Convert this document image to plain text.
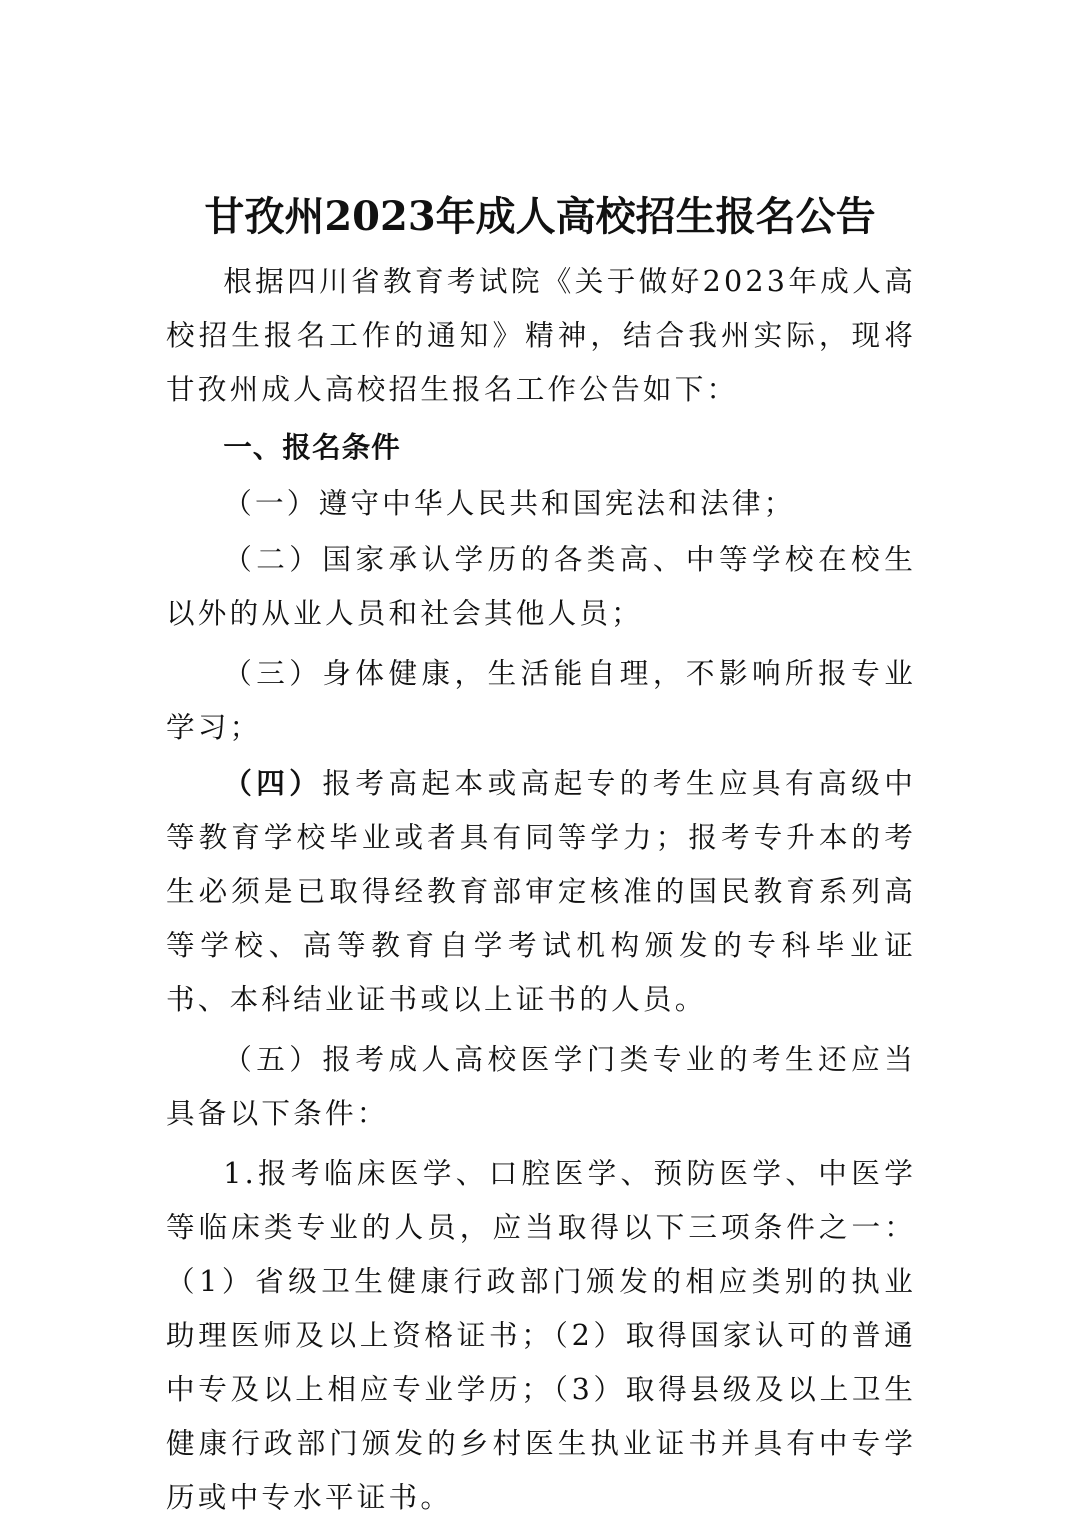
甘孜州2023年成人高校招生报名公告

根据四川省教育考试院《关于做好2023年成人高校招生报名工作的通知》精神，结合我州实际，现将甘孜州成人高校招生报名工作公告如下：

一、报名条件

（一）遵守中华人民共和国宪法和法律；

（二）国家承认学历的各类高、中等学校在校生以外的从业人员和社会其他人员；

（三）身体健康，生活能自理，不影响所报专业学习；

（四）报考高起本或高起专的考生应具有高级中等教育学校毕业或者具有同等学力；报考专升本的考生必须是已取得经教育部审定核准的国民教育系列高等学校、高等教育自学考试机构颁发的专科毕业证书、本科结业证书或以上证书的人员。

（五）报考成人高校医学门类专业的考生还应当具备以下条件：

1.报考临床医学、口腔医学、预防医学、中医学等临床类专业的人员，应当取得以下三项条件之一：（1）省级卫生健康行政部门颁发的相应类别的执业助理医师及以上资格证书；（2）取得国家认可的普通中专及以上相应专业学历；（3）取得县级及以上卫生健康行政部门颁发的乡村医生执业证书并具有中专学历或中专水平证书。
